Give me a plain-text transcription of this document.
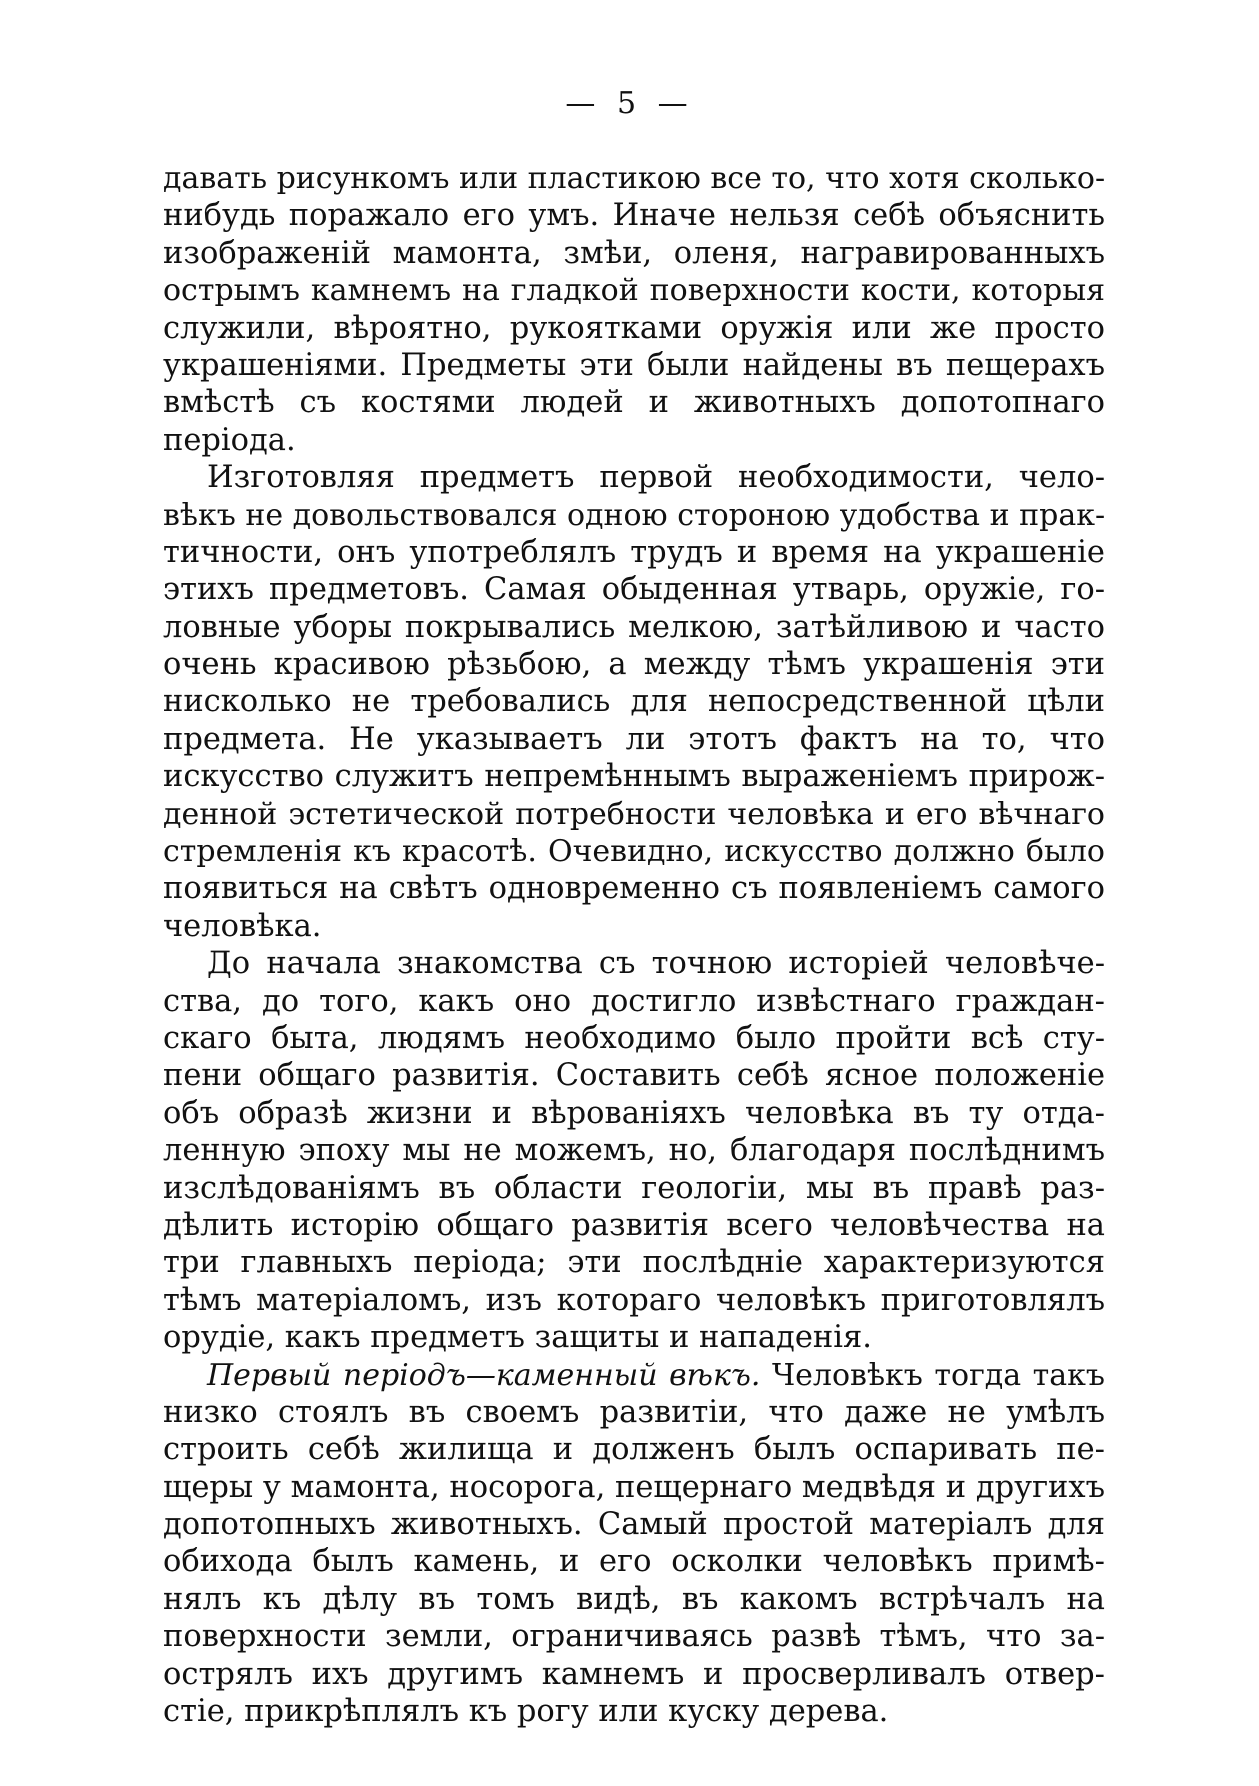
— 5 —
давать рисункомъ или пластикою все то, что хотя сколько-
нибудь поражало его умъ. Иначе нельзя себѣ объяснить
изображенiй мамонта, змѣи, оленя, награвированныхъ
острымъ камнемъ на гладкой поверхности кости, которыя
служили, вѣроятно, рукоятками оружiя или же просто
украшенiями. Предметы эти были найдены въ пещерахъ
вмѣстѣ съ костями людей и животныхъ допотопнаго
перiода.
Изготовляя предметъ первой необходимости, чело-
вѣкъ не довольствовался одною стороною удобства и прак-
тичности, онъ употреблялъ трудъ и время на украшенiе
этихъ предметовъ. Самая обыденная утварь, оружiе, го-
ловные уборы покрывались мелкою, затѣйливою и часто
очень красивою рѣзьбою, а между тѣмъ украшенiя эти
нисколько не требовались для непосредственной цѣли
предмета. Не указываетъ ли этотъ фактъ на то, что
искусство служитъ непремѣннымъ выраженiемъ прирож-
денной эстетической потребности человѣка и его вѣчнаго
стремленiя къ красотѣ. Очевидно, искусство должно было
появиться на свѣтъ одновременно съ появленiемъ самого
человѣка.
До начала знакомства съ точною исторiей человѣче-
ства, до того, какъ оно достигло извѣстнаго граждан-
скаго быта, людямъ необходимо было пройти всѣ сту-
пени общаго развитiя. Составить себѣ ясное положенiе
объ образѣ жизни и вѣрованiяхъ человѣка въ ту отда-
ленную эпоху мы не можемъ, но, благодаря послѣднимъ
изслѣдованiямъ въ области геологiи, мы въ правѣ раз-
дѣлить исторiю общаго развитiя всего человѣчества на
три главныхъ перiода; эти послѣднiе характеризуются
тѣмъ матерiаломъ, изъ котораго человѣкъ приготовлялъ
орудiе, какъ предметъ защиты и нападенiя.
Первый перiодъ—каменный вѣкъ. Человѣкъ тогда такъ
низко стоялъ въ своемъ развитiи, что даже не умѣлъ
строить себѣ жилища и долженъ былъ оспаривать пе-
щеры у мамонта, носорога, пещернаго медвѣдя и другихъ
допотопныхъ животныхъ. Самый простой матерiалъ для
обихода былъ камень, и его осколки человѣкъ примѣ-
нялъ къ дѣлу въ томъ видѣ, въ какомъ встрѣчалъ на
поверхности земли, ограничиваясь развѣ тѣмъ, что за-
острялъ ихъ другимъ камнемъ и просверливалъ отвер-
стiе, прикрѣплялъ къ рогу или куску дерева.
